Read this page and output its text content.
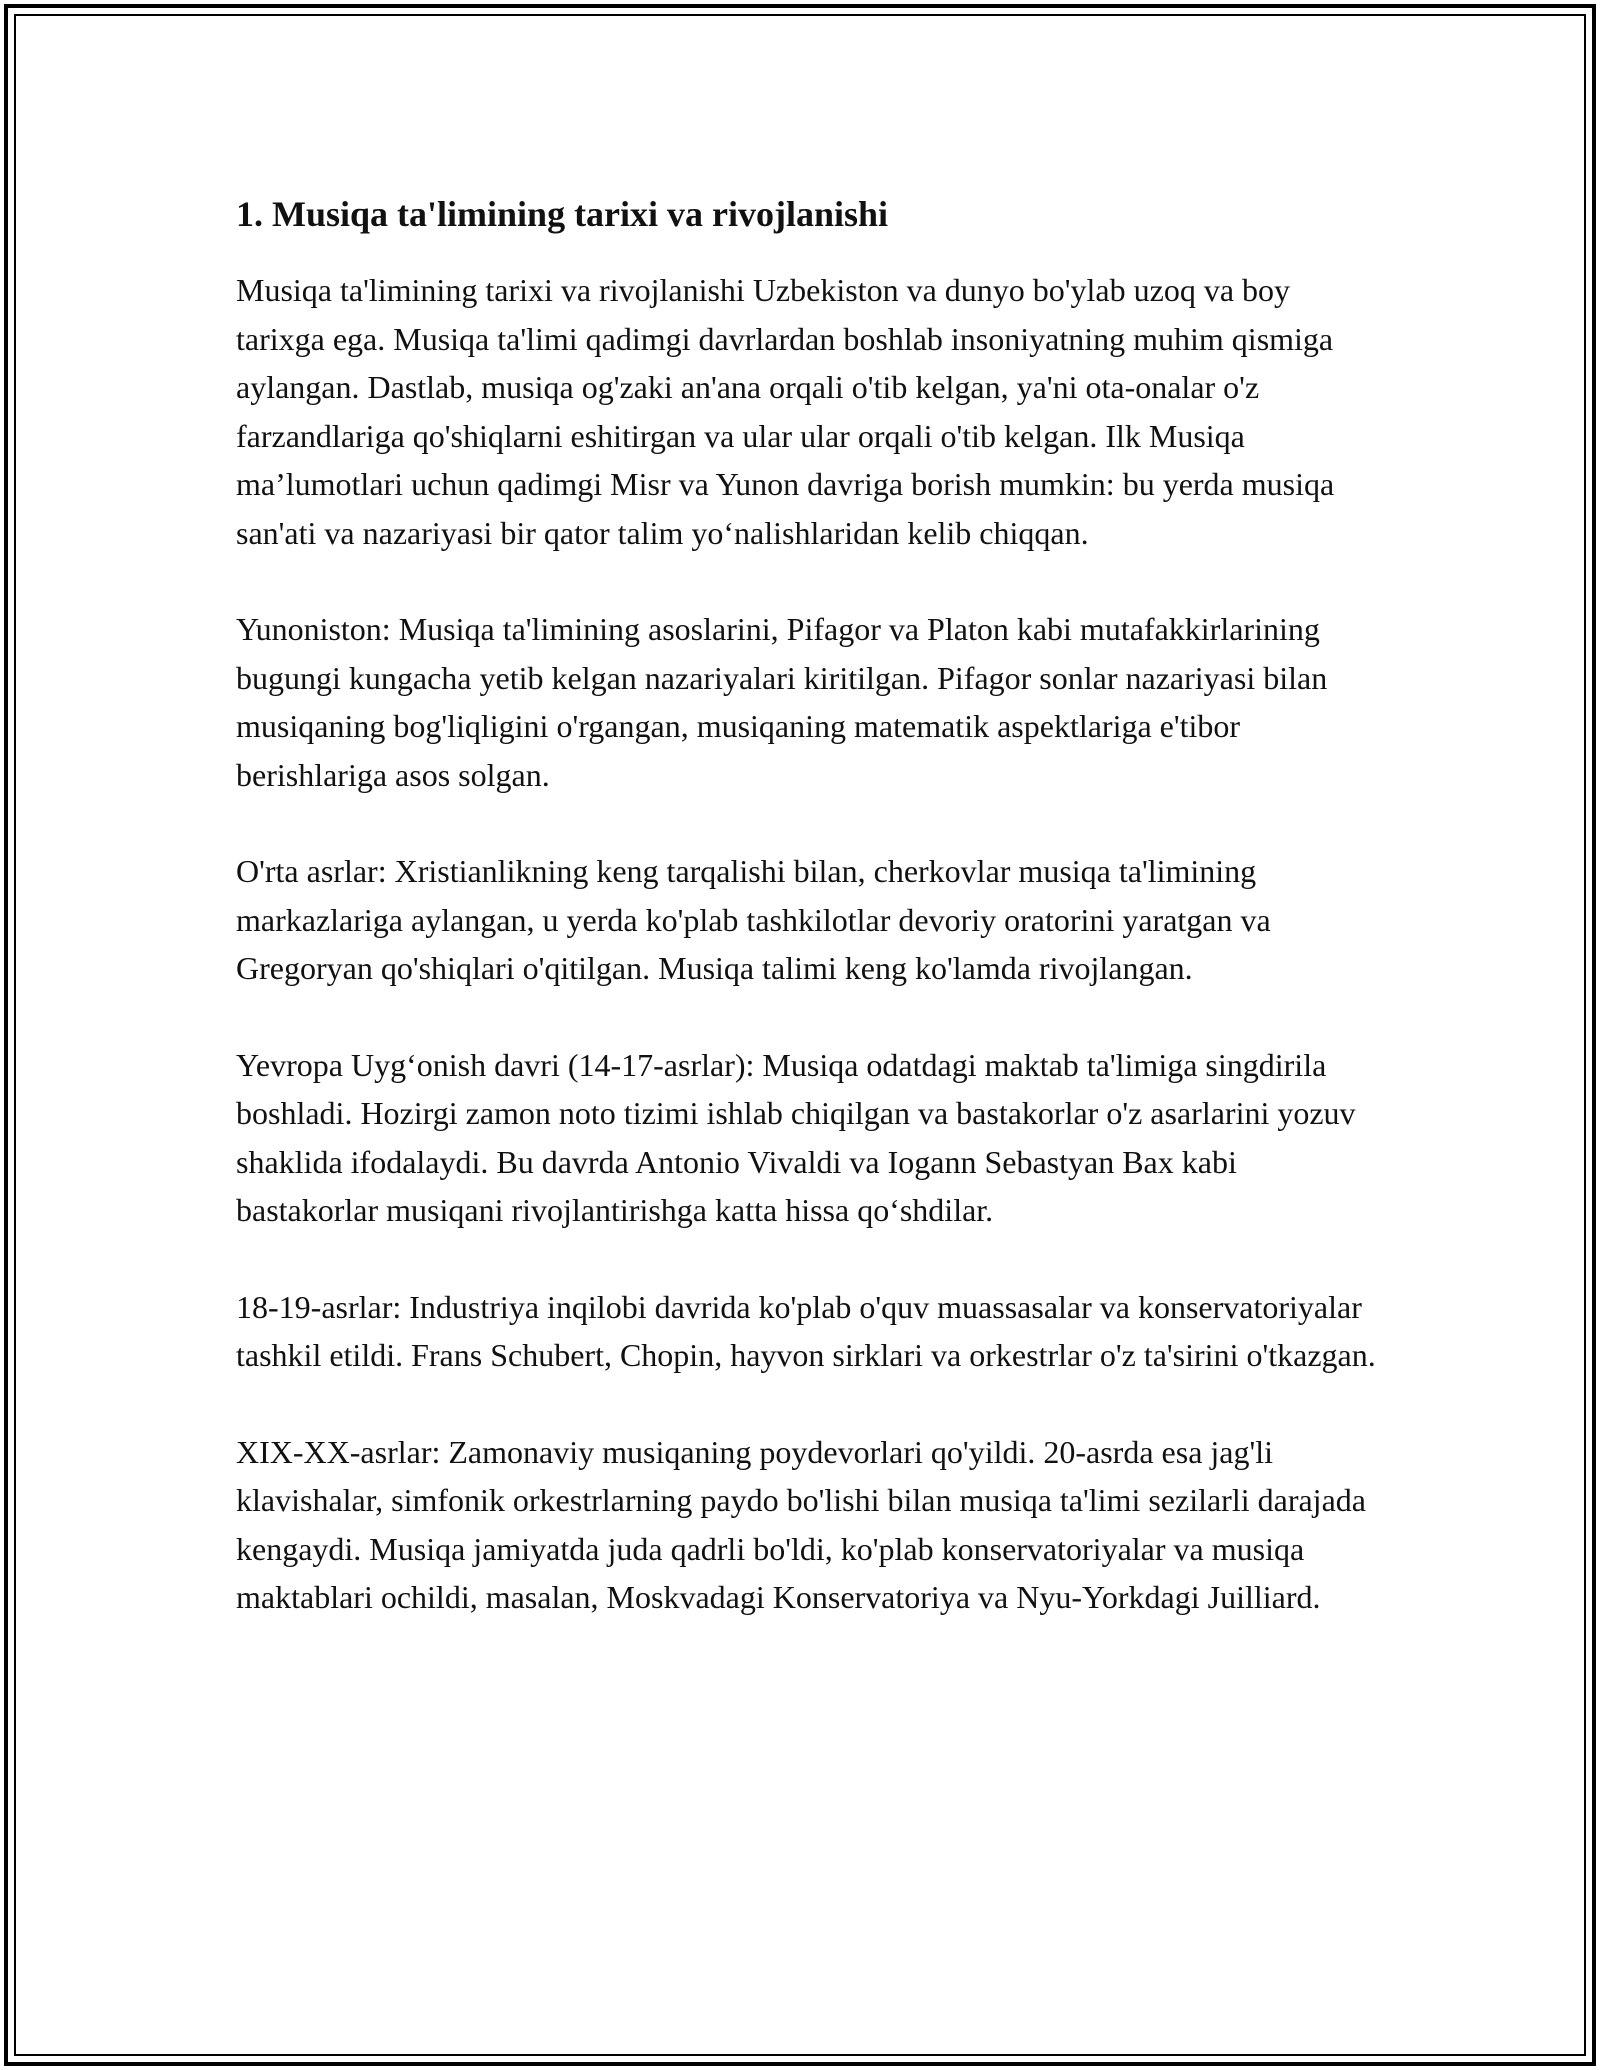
1. Musiqa ta'limining tarixi va rivojlanishi

Musiqa ta'limining tarixi va rivojlanishi Uzbekiston va dunyo bo'ylab uzoq va boy tarixga ega. Musiqa ta'limi qadimgi davrlardan boshlab insoniyatning muhim qismiga aylangan. Dastlab, musiqa og'zaki an'ana orqali o'tib kelgan, ya'ni ota-onalar o'z farzandlariga qo'shiqlarni eshitirgan va ular ular orqali o'tib kelgan. Ilk Musiqa ma’lumotlari uchun qadimgi Misr va Yunon davriga borish mumkin: bu yerda musiqa san'ati va nazariyasi bir qator talim yo‘nalishlaridan kelib chiqqan.

Yunoniston: Musiqa ta'limining asoslarini, Pifagor va Platon kabi mutafakkirlarining bugungi kungacha yetib kelgan nazariyalari kiritilgan. Pifagor sonlar nazariyasi bilan musiqaning bog'liqligini o'rgangan, musiqaning matematik aspektlariga e'tibor berishlariga asos solgan.

O'rta asrlar: Xristianlikning keng tarqalishi bilan, cherkovlar musiqa ta'limining markazlariga aylangan, u yerda ko'plab tashkilotlar devoriy oratorini yaratgan va Gregoryan qo'shiqlari o'qitilgan. Musiqa talimi keng ko'lamda rivojlangan.

Yevropa Uyg‘onish davri (14-17-asrlar): Musiqa odatdagi maktab ta'limiga singdirila boshladi. Hozirgi zamon noto tizimi ishlab chiqilgan va bastakorlar o'z asarlarini yozuv shaklida ifodalaydi. Bu davrda Antonio Vivaldi va Iogann Sebastyan Bax kabi bastakorlar musiqani rivojlantirishga katta hissa qo‘shdilar.

18-19-asrlar: Industriya inqilobi davrida ko'plab o'quv muassasalar va konservatoriyalar tashkil etildi. Frans Schubert, Chopin, hayvon sirklari va orkestrlar o'z ta'sirini o'tkazgan.

XIX-XX-asrlar: Zamonaviy musiqaning poydevorlari qo'yildi. 20-asrda esa jag'li klavishalar, simfonik orkestrlarning paydo bo'lishi bilan musiqa ta'limi sezilarli darajada kengaydi. Musiqa jamiyatda juda qadrli bo'ldi, ko'plab konservatoriyalar va musiqa maktablari ochildi, masalan, Moskvadagi Konservatoriya va Nyu-Yorkdagi Juilliard.
